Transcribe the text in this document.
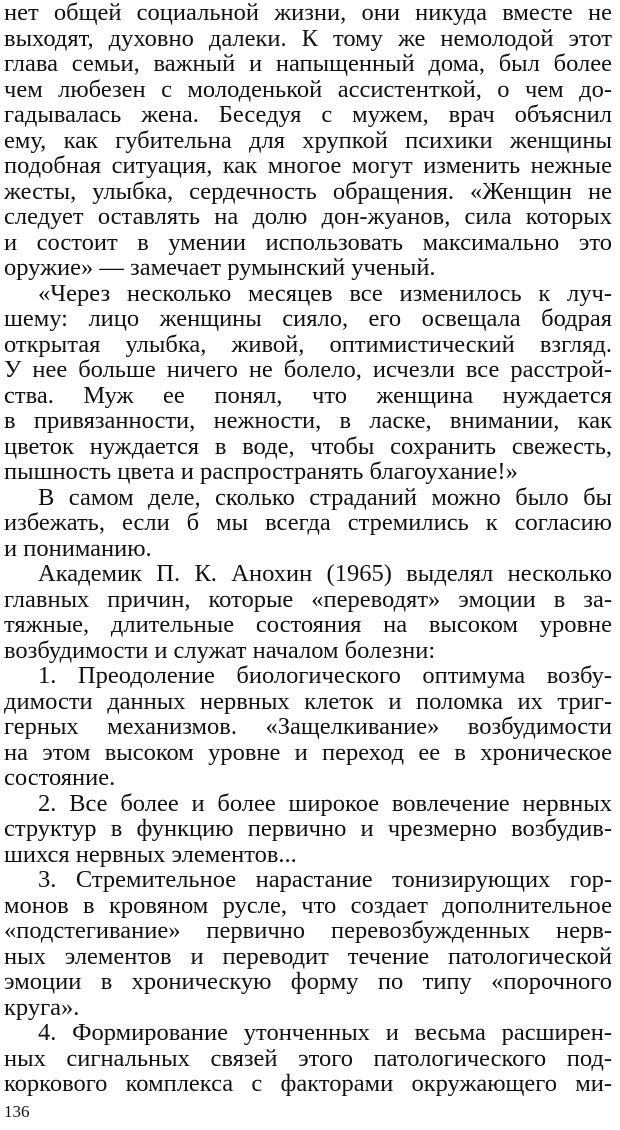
нет общей социальной жизни, они никуда вместе не
выходят, духовно далеки. К тому же немолодой этот
глава семьи, важный и напыщенный дома, был более
чем любезен с молоденькой ассистенткой, о чем до-
гадывалась жена. Беседуя с мужем, врач объяснил
ему, как губительна для хрупкой психики женщины
подобная ситуация, как многое могут изменить нежные
жесты, улыбка, сердечность обращения. «Женщин не
следует оставлять на долю дон-жуанов, сила которых
и состоит в умении использовать максимально это
оружие» — замечает румынский ученый.
«Через несколько месяцев все изменилось к луч-
шему: лицо женщины сияло, его освещала бодрая
открытая улыбка, живой, оптимистический взгляд.
У нее больше ничего не болело, исчезли все расстрой-
ства. Муж ее понял, что женщина нуждается
в привязанности, нежности, в ласке, внимании, как
цветок нуждается в воде, чтобы сохранить свежесть,
пышность цвета и распространять благоухание!»
В самом деле, сколько страданий можно было бы
избежать, если б мы всегда стремились к согласию
и пониманию.
Академик П. К. Анохин (1965) выделял несколько
главных причин, которые «переводят» эмоции в за-
тяжные, длительные состояния на высоком уровне
возбудимости и служат началом болезни:
1. Преодоление биологического оптимума возбу-
димости данных нервных клеток и поломка их триг-
герных механизмов. «Защелкивание» возбудимости
на этом высоком уровне и переход ее в хроническое
состояние.
2. Все более и более широкое вовлечение нервных
структур в функцию первично и чрезмерно возбудив-
шихся нервных элементов...
3. Стремительное нарастание тонизирующих гор-
монов в кровяном русле, что создает дополнительное
«подстегивание» первично перевозбужденных нерв-
ных элементов и переводит течение патологической
эмоции в хроническую форму по типу «порочного
круга».
4. Формирование утонченных и весьма расширен-
ных сигнальных связей этого патологического под-
коркового комплекса с факторами окружающего ми-
136
